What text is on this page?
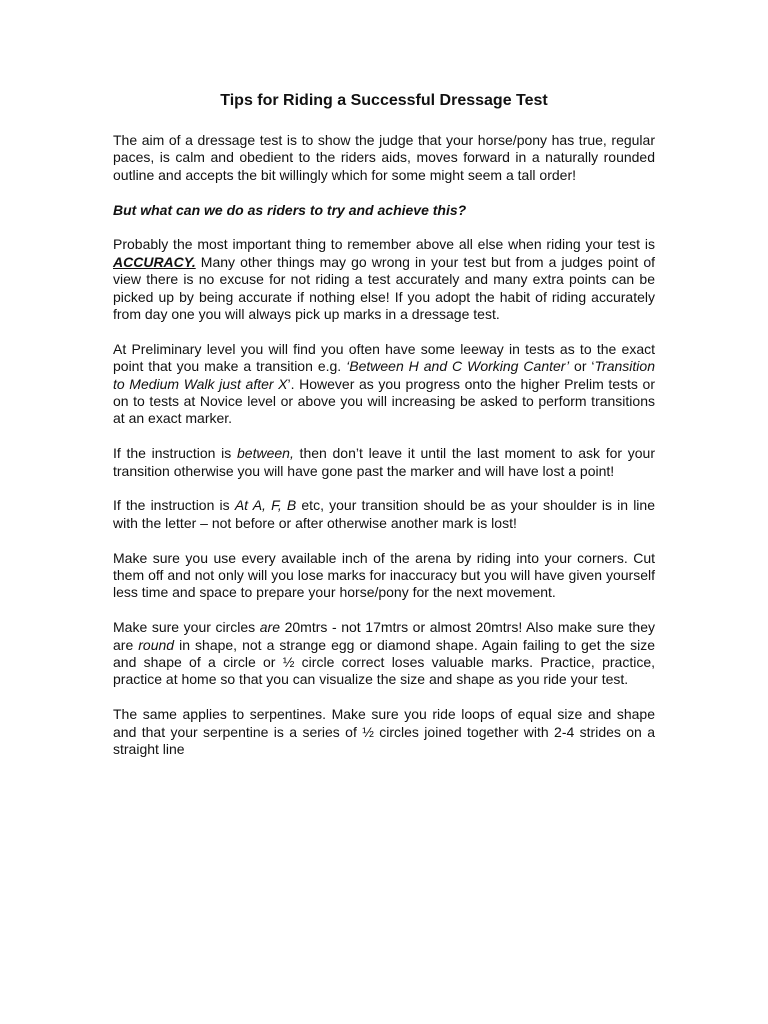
Tips for Riding a Successful Dressage Test

The aim of a dressage test is to show the judge that your horse/pony has true, regular paces, is calm and obedient to the riders aids, moves forward in a naturally rounded outline and accepts the bit willingly which for some might seem a tall order!

But what can we do as riders to try and achieve this?

Probably the most important thing to remember above all else when riding your test is ACCURACY. Many other things may go wrong in your test but from a judges point of view there is no excuse for not riding a test accurately and many extra points can be picked up by being accurate if nothing else! If you adopt the habit of riding accurately from day one you will always pick up marks in a dressage test.

At Preliminary level you will find you often have some leeway in tests as to the exact point that you make a transition e.g. ‘Between H and C Working Canter’ or ‘Transition to Medium Walk just after X’. However as you progress onto the higher Prelim tests or on to tests at Novice level or above you will increasing be asked to perform transitions at an exact marker.

If the instruction is between, then don’t leave it until the last moment to ask for your transition otherwise you will have gone past the marker and will have lost a point!

If the instruction is At A, F, B etc, your transition should be as your shoulder is in line with the letter – not before or after otherwise another mark is lost!

Make sure you use every available inch of the arena by riding into your corners. Cut them off and not only will you lose marks for inaccuracy but you will have given yourself less time and space to prepare your horse/pony for the next movement.

Make sure your circles are 20mtrs - not 17mtrs or almost 20mtrs! Also make sure they are round in shape, not a strange egg or diamond shape. Again failing to get the size and shape of a circle or ½ circle correct loses valuable marks. Practice, practice, practice at home so that you can visualize the size and shape as you ride your test.

The same applies to serpentines. Make sure you ride loops of equal size and shape and that your serpentine is a series of ½ circles joined together with 2-4 strides on a straight line
